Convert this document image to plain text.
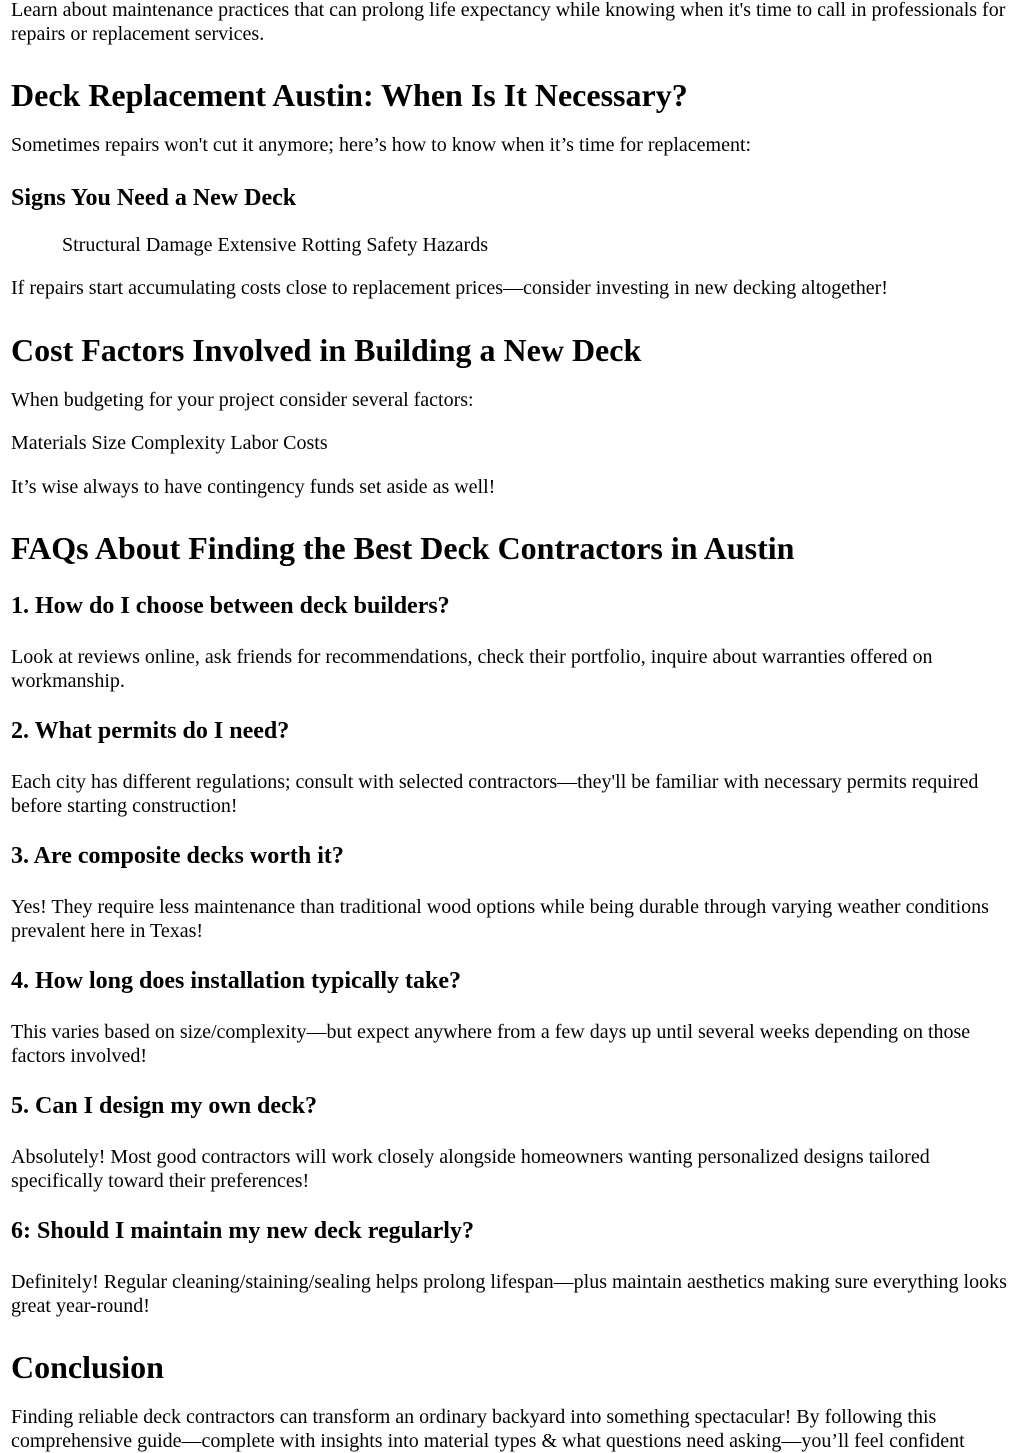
Learn about maintenance practices that can prolong life expectancy while knowing when it's time to call in professionals for repairs or replacement services.

Deck Replacement Austin: When Is It Necessary?

Sometimes repairs won't cut it anymore; here’s how to know when it’s time for replacement:

Signs You Need a New Deck
Structural Damage Extensive Rotting Safety Hazards

If repairs start accumulating costs close to replacement prices—consider investing in new decking altogether!

Cost Factors Involved in Building a New Deck

When budgeting for your project consider several factors:

Materials Size Complexity Labor Costs

It’s wise always to have contingency funds set aside as well!

FAQs About Finding the Best Deck Contractors in Austin
1. How do I choose between deck builders?

Look at reviews online, ask friends for recommendations, check their portfolio, inquire about warranties offered on workmanship.

2. What permits do I need?

Each city has different regulations; consult with selected contractors—they'll be familiar with necessary permits required before starting construction!

3. Are composite decks worth it?

Yes! They require less maintenance than traditional wood options while being durable through varying weather conditions prevalent here in Texas!

4. How long does installation typically take?

This varies based on size/complexity—but expect anywhere from a few days up until several weeks depending on those factors involved!

5. Can I design my own deck?

Absolutely! Most good contractors will work closely alongside homeowners wanting personalized designs tailored specifically toward their preferences!

6: Should I maintain my new deck regularly?

Definitely! Regular cleaning/staining/sealing helps prolong lifespan—plus maintain aesthetics making sure everything looks great year-round!

Conclusion

Finding reliable deck contractors can transform an ordinary backyard into something spectacular! By following this comprehensive guide—complete with insights into material types & what questions need asking—you’ll feel confident
